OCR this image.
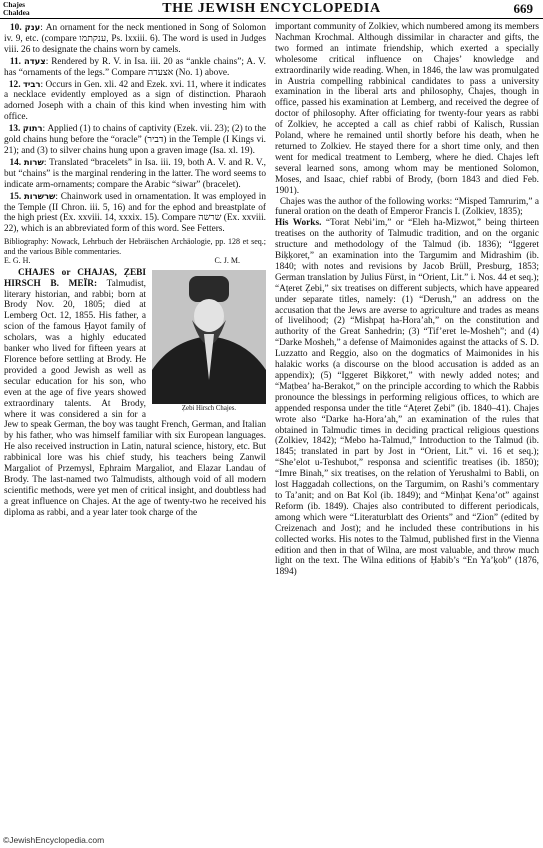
Chajes
Chaldea	THE JEWISH ENCYCLOPEDIA	669

10. ענק: An ornament for the neck mentioned in Song of Solomon iv. 9, etc. (compare ענקתמו, Ps. lxxiii. 6). The word is used in Judges viii. 26 to designate the chains worn by camels.

11. צעדה: Rendered by R. V. in Isa. iii. 20 as “ankle chains”; A. V. has “ornaments of the legs.” Compare אצעדה (No. 1) above.

12. רביד: Occurs in Gen. xli. 42 and Ezek. xvi. 11, where it indicates a necklace evidently employed as a sign of distinction. Pharaoh adorned Joseph with a chain of this kind when investing him with office.

13. רתוק: Applied (1) to chains of captivity (Ezek. vii. 23); (2) to the gold chains hung before the “oracle” (דביר) in the Temple (I Kings vi. 21); and (3) to silver chains hung upon a graven image (Isa. xl. 19).

14. שרות: Translated “bracelets” in Isa. iii. 19, both A. V. and R. V., but “chains” is the marginal rendering in the latter. The word seems to indicate arm-ornaments; compare the Arabic “siwar” (bracelet).

15. שרשרות: Chainwork used in ornamentation. It was employed in the Temple (II Chron. iii. 5, 16) and for the ephod and breastplate of the high priest (Ex. xxviii. 14, xxxix. 15). Compare שרשה (Ex. xxviii. 22), which is an abbreviated form of this word. See Fetters.

Bibliography: Nowack, Lehrbuch der Hebräischen Archäologie, pp. 128 et seq.; and the various Bible commentaries.

E. G. H.	C. J. M.
Ẓebi Hirsch Chajes.

CHAJES or CHAJAS, ẒEBI HIRSCH B. MEÏR: Talmudist, literary historian, and rabbi; born at Brody Nov. 20, 1805; died at Lemberg Oct. 12, 1855. His father, a scion of the famous Ḥayot family of scholars, was a highly educated banker who lived for fifteen years at Florence before settling at Brody. He provided a good Jewish as well as secular education for his son, who even at the age of five years showed extraordinary talents. At Brody, where it was considered a sin for a Jew to speak German, the boy was taught French, German, and Italian by his father, who was himself familiar with six European languages. He also received instruction in Latin, natural science, history, etc. But rabbinical lore was his chief study, his teachers being Zanwil Margaliot of Przemysl, Ephraim Margaliot, and Elazar Landau of Brody. The last-named two Talmudists, although void of all modern scientific methods, were yet men of critical insight, and doubtless had a great influence on Chajes. At the age of twenty-two he received his diploma as rabbi, and a year later took charge of the

important community of Zolkiev, which numbered among its members Nachman Krochmal. Although dissimilar in character and gifts, the two formed an intimate friendship, which exerted a specially wholesome critical influence on Chajes’ knowledge and extraordinarily wide reading. When, in 1846, the law was promulgated in Austria compelling rabbinical candidates to pass a university examination in the liberal arts and philosophy, Chajes, though in office, passed his examination at Lemberg, and received the degree of doctor of philosophy. After officiating for twenty-four years as rabbi of Zolkiev, he accepted a call as chief rabbi of Kalisch, Russian Poland, where he remained until shortly before his death, when he returned to Zolkiev. He stayed there for a short time only, and then went for medical treatment to Lemberg, where he died. Chajes left several learned sons, among whom may be mentioned Solomon, Moses, and Isaac, chief rabbi of Brody, (born 1843 and died Feb. 1901).

Chajes was the author of the following works: “Misped Tamrurim,” a funeral oration on the death of Emperor Francis I. (Zolkiev, 1835);

His Works. “Torat Nebi’im,” or “Eleh ha-Mizwot,” being thirteen treatises on the authority of Talmudic tradition, and on the organic structure and methodology of the Talmud (ib. 1836); “Iggeret Biḳḳoret,” an examination into the Targumim and Midrashim (ib. 1840; with notes and revisions by Jacob Brüll, Presburg, 1853; German translation by Julius Fürst, in “Orient, Lit.” i. Nos. 44 et seq.); “Aṭeret Ẓebi,” six treatises on different subjects, which have appeared under separate titles, namely: (1) “Derush,” an address on the accusation that the Jews are averse to agriculture and trades as means of livelihood; (2) “Mishpaṭ ha-Hora’ah,” on the constitution and authority of the Great Sanhedrin; (3) “Tif’eret le-Mosheh”; and (4) “Darke Mosheh,” a defense of Maimonides against the attacks of S. D. Luzzatto and Reggio, also on the dogmatics of Maimonides in his halakic works (a discourse on the blood accusation is added as an appendix); (5) “Iggeret Biḳḳoret,” with newly added notes; and “Maṭbea’ ha-Berakot,” on the principle according to which the Rabbis pronounce the blessings in performing religious offices, to which are appended responsa under the title “Aṭeret Ẓebi” (ib. 1840–41). Chajes wrote also “Darke ha-Hora’ah,” an examination of the rules that obtained in Talmudic times in deciding practical religious questions (Zolkiev, 1842); “Mebo ha-Talmud,” Introduction to the Talmud (ib. 1845; translated in part by Jost in “Orient, Lit.” vi. 16 et seq.); “She’elot u-Teshubot,” responsa and scientific treatises (ib. 1850); “Imre Binah,” six treatises, on the relation of Yerushalmi to Babli, on lost Haggadah collections, on the Targumim, on Rashi’s commentary to Ta’anit; and on Bat Kol (ib. 1849); and “Minḥat Ḳena’ot” against Reform (ib. 1849). Chajes also contributed to different periodicals, among which were “Literaturblatt des Orients” and “Zion” (edited by Creizenach and Jost); and he included these contributions in his collected works. His notes to the Talmud, published first in the Vienna edition and then in that of Wilna, are most valuable, and throw much light on the text. The Wilna editions of Ḥabib’s “En Ya’ḳob” (1876, 1894)

©JewishEncyclopedia.com
